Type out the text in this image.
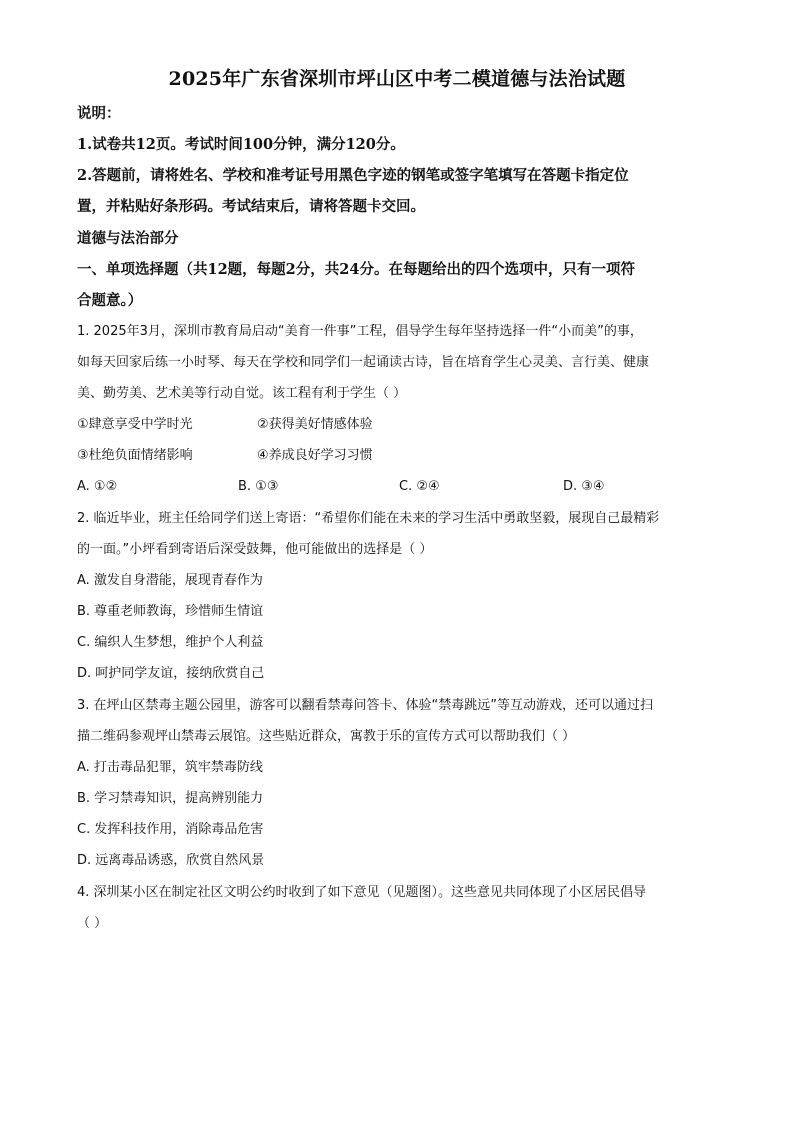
2025年广东省深圳市坪山区中考二模道德与法治试题
说明：
1.试卷共12页。考试时间100分钟，满分120分。
2.答题前，请将姓名、学校和准考证号用黑色字迹的钢笔或签字笔填写在答题卡指定位
置，并粘贴好条形码。考试结束后，请将答题卡交回。
道德与法治部分
一、单项选择题（共12题，每题2分，共24分。在每题给出的四个选项中，只有一项符
合题意。）
1. 2025年3月，深圳市教育局启动“美育一件事”工程，倡导学生每年坚持选择一件“小而美”的事，
如每天回家后练一小时琴、每天在学校和同学们一起诵读古诗，旨在培育学生心灵美、言行美、健康
美、勤劳美、艺术美等行动自觉。该工程有利于学生（ ）
①肆意享受中学时光	②获得美好情感体验
③杜绝负面情绪影响	④养成良好学习习惯
A. ①②	B. ①③	C. ②④	D. ③④
2. 临近毕业，班主任给同学们送上寄语：“希望你们能在未来的学习生活中勇敢坚毅，展现自己最精彩
的一面。”小坪看到寄语后深受鼓舞，他可能做出的选择是（ ）
A. 激发自身潜能，展现青春作为
B. 尊重老师教诲，珍惜师生情谊
C. 编织人生梦想，维护个人利益
D. 呵护同学友谊，接纳欣赏自己
3. 在坪山区禁毒主题公园里，游客可以翻看禁毒问答卡、体验“禁毒跳远”等互动游戏，还可以通过扫
描二维码参观坪山禁毒云展馆。这些贴近群众，寓教于乐的宣传方式可以帮助我们（ ）
A. 打击毒品犯罪，筑牢禁毒防线
B. 学习禁毒知识，提高辨别能力
C. 发挥科技作用，消除毒品危害
D. 远离毒品诱惑，欣赏自然风景
4. 深圳某小区在制定社区文明公约时收到了如下意见（见题图）。这些意见共同体现了小区居民倡导
（ ）
